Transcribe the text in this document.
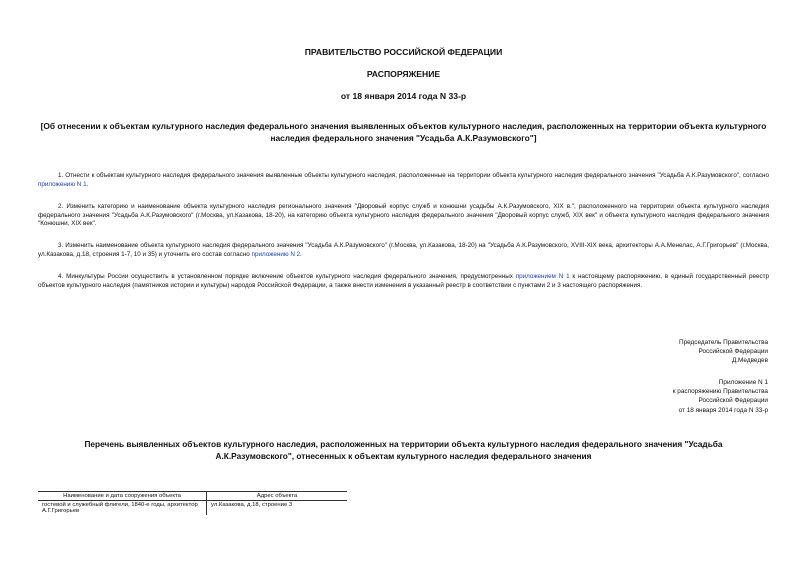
ПРАВИТЕЛЬСТВО РОССИЙСКОЙ ФЕДЕРАЦИИ
РАСПОРЯЖЕНИЕ
от 18 января 2014 года N 33-р
[Об отнесении к объектам культурного наследия федерального значения выявленных объектов культурного наследия, расположенных на территории объекта культурного наследия федерального значения "Усадьба А.К.Разумовского"]
1. Отнести к объектам культурного наследия федерального значения выявленные объекты культурного наследия, расположенные на территории объекта культурного наследия федерального значения "Усадьба А.К.Разумовского", согласно приложению N 1.
2. Изменить категорию и наименование объекта культурного наследия регионального значения "Дворовый корпус служб и конюшни усадьбы А.К.Разумовского, XIX в.", расположенного на территории объекта культурного наследия федерального значения "Усадьба А.К.Разумовского" (г.Москва, ул.Казакова, 18-20), на категорию объекта культурного наследия федерального значения "Дворовый корпус служб, XIX век" и объекта культурного наследия федерального значения "Конюшни, XIX век".
3. Изменить наименование объекта культурного наследия федерального значения "Усадьба А.К.Разумовского" (г.Москва, ул.Казакова, 18-20) на "Усадьба А.К.Разумовского, XVIII-XIX века, архитекторы А.А.Менелас, А.Г.Григорьев" (г.Москва, ул.Казакова, д.18, строения 1-7, 10 и 35) и уточнить его состав согласно приложению N 2.
4. Минкультуры России осуществить в установленном порядке включение объектов культурного наследия федерального значения, предусмотренных приложением N 1 к настоящему распоряжению, в единый государственный реестр объектов культурного наследия (памятников истории и культуры) народов Российской Федерации, а также внести изменения в указанный реестр в соответствии с пунктами 2 и 3 настоящего распоряжения.
Председатель Правительства
Российской Федерации
Д.Медведев
Приложение N 1
к распоряжению Правительства
Российской Федерации
от 18 января 2014 года N 33-р
Перечень выявленных объектов культурного наследия, расположенных на территории объекта культурного наследия федерального значения "Усадьба А.К.Разумовского", отнесенных к объектам культурного наследия федерального значения
Наименование и дата сооружения объекта	Адрес объекта
гостевой и служебный флигели, 1840-е годы, архитектор А.Г.Григорьев	ул.Казакова, д.18, строение 3
